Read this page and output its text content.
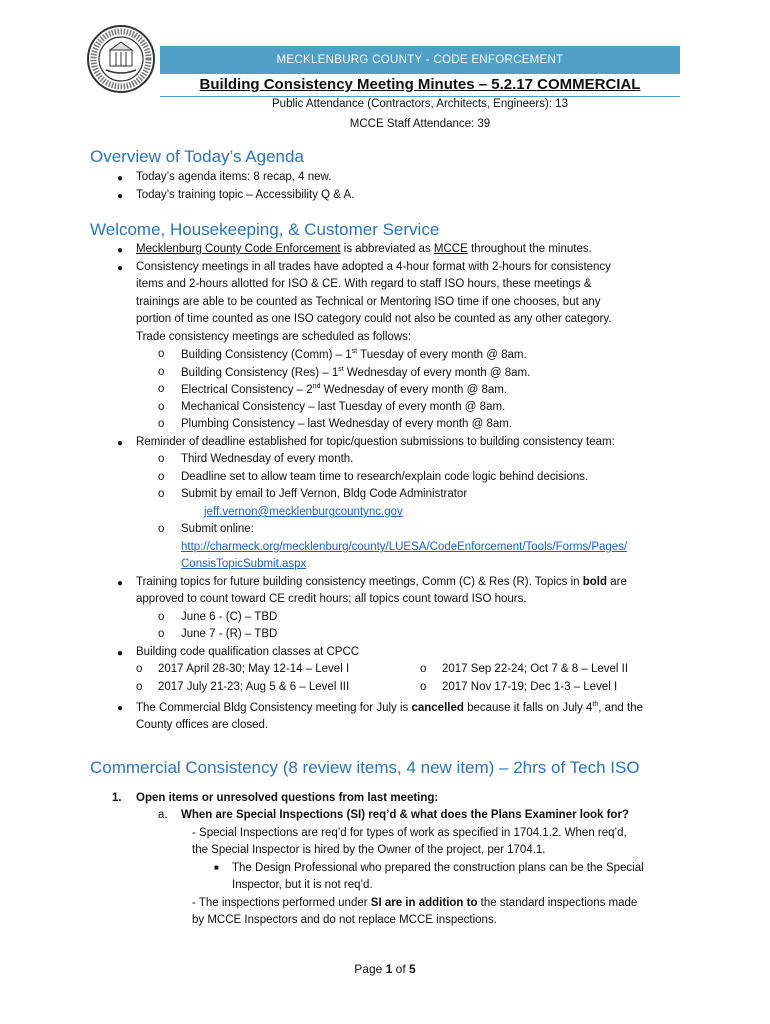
MECKLENBURG COUNTY - CODE ENFORCEMENT
Building Consistency Meeting Minutes – 5.2.17 COMMERCIAL
Public Attendance (Contractors, Architects, Engineers): 13
MCCE Staff Attendance: 39
Overview of Today’s Agenda
● Today’s agenda items: 8 recap, 4 new.
● Today’s training topic – Accessibility Q & A.
Welcome, Housekeeping, & Customer Service
● Mecklenburg County Code Enforcement is abbreviated as MCCE throughout the minutes.
● Consistency meetings in all trades have adopted a 4-hour format with 2-hours for consistency
items and 2-hours allotted for ISO & CE. With regard to staff ISO hours, these meetings &
trainings are able to be counted as Technical or Mentoring ISO time if one chooses, but any
portion of time counted as one ISO category could not also be counted as any other category.
Trade consistency meetings are scheduled as follows:
o Building Consistency (Comm) – 1st Tuesday of every month @ 8am.
o Building Consistency (Res) – 1st Wednesday of every month @ 8am.
o Electrical Consistency – 2nd Wednesday of every month @ 8am.
o Mechanical Consistency – last Tuesday of every month @ 8am.
o Plumbing Consistency – last Wednesday of every month @ 8am.
● Reminder of deadline established for topic/question submissions to building consistency team:
o Third Wednesday of every month.
o Deadline set to allow team time to research/explain code logic behind decisions.
o Submit by email to Jeff Vernon, Bldg Code Administrator
jeff.vernon@mecklenburgcountync.gov
o Submit online:
http://charmeck.org/mecklenburg/county/LUESA/CodeEnforcement/Tools/Forms/Pages/
ConsisTopicSubmit.aspx
● Training topics for future building consistency meetings, Comm (C) & Res (R). Topics in bold are
approved to count toward CE credit hours; all topics count toward ISO hours.
o June 6 - (C) – TBD
o June 7 - (R) – TBD
● Building code qualification classes at CPCC
o 2017 April 28-30; May 12-14 – Level I	o 2017 Sep 22-24; Oct 7 & 8 – Level II
o 2017 July 21-23; Aug 5 & 6 – Level III	o 2017 Nov 17-19; Dec 1-3 – Level I
● The Commercial Bldg Consistency meeting for July is cancelled because it falls on July 4th, and the
County offices are closed.
Commercial Consistency (8 review items, 4 new item) – 2hrs of Tech ISO
1. Open items or unresolved questions from last meeting:
a. When are Special Inspections (SI) req’d & what does the Plans Examiner look for?
- Special Inspections are req’d for types of work as specified in 1704.1.2. When req’d,
the Special Inspector is hired by the Owner of the project, per 1704.1.
■ The Design Professional who prepared the construction plans can be the Special
Inspector, but it is not req’d.
- The inspections performed under SI are in addition to the standard inspections made
by MCCE Inspectors and do not replace MCCE inspections.
Page 1 of 5
